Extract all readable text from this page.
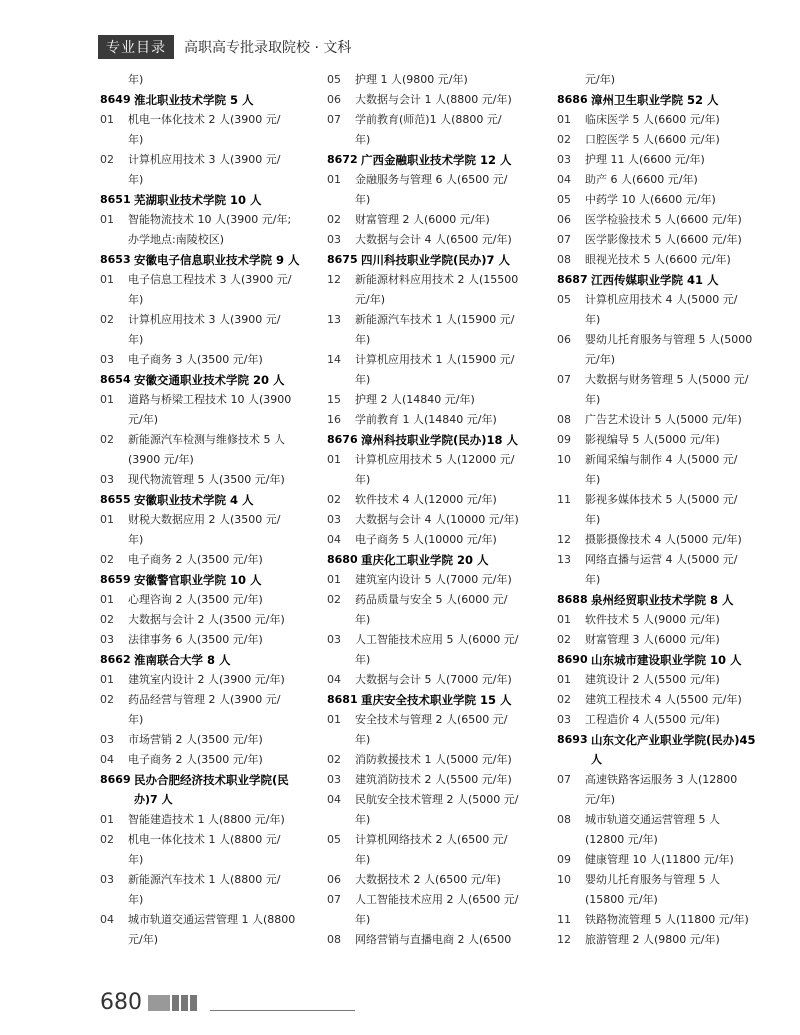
专业目录	高职高专批录取院校 · 文科
年)
8649 淮北职业技术学院 5 人
01	机电一体化技术 2 人(3900 元/
年)
02	计算机应用技术 3 人(3900 元/
年)
8651 芜湖职业技术学院 10 人
01	智能物流技术 10 人(3900 元/年;
办学地点:南陵校区)
8653 安徽电子信息职业技术学院 9 人
01	电子信息工程技术 3 人(3900 元/
年)
02	计算机应用技术 3 人(3900 元/
年)
03	电子商务 3 人(3500 元/年)
8654 安徽交通职业技术学院 20 人
01	道路与桥梁工程技术 10 人(3900
元/年)
02	新能源汽车检测与维修技术 5 人
(3900 元/年)
03	现代物流管理 5 人(3500 元/年)
8655 安徽职业技术学院 4 人
01	财税大数据应用 2 人(3500 元/
年)
02	电子商务 2 人(3500 元/年)
8659 安徽警官职业学院 10 人
01	心理咨询 2 人(3500 元/年)
02	大数据与会计 2 人(3500 元/年)
03	法律事务 6 人(3500 元/年)
8662 淮南联合大学 8 人
01	建筑室内设计 2 人(3900 元/年)
02	药品经营与管理 2 人(3900 元/
年)
03	市场营销 2 人(3500 元/年)
04	电子商务 2 人(3500 元/年)
8669 民办合肥经济技术职业学院(民
办)7 人
01	智能建造技术 1 人(8800 元/年)
02	机电一体化技术 1 人(8800 元/
年)
03	新能源汽车技术 1 人(8800 元/
年)
04	城市轨道交通运营管理 1 人(8800
元/年)
05	护理 1 人(9800 元/年)
06	大数据与会计 1 人(8800 元/年)
07	学前教育(师范)1 人(8800 元/
年)
8672 广西金融职业技术学院 12 人
01	金融服务与管理 6 人(6500 元/
年)
02	财富管理 2 人(6000 元/年)
03	大数据与会计 4 人(6500 元/年)
8675 四川科技职业学院(民办)7 人
12	新能源材料应用技术 2 人(15500
元/年)
13	新能源汽车技术 1 人(15900 元/
年)
14	计算机应用技术 1 人(15900 元/
年)
15	护理 2 人(14840 元/年)
16	学前教育 1 人(14840 元/年)
8676 漳州科技职业学院(民办)18 人
01	计算机应用技术 5 人(12000 元/
年)
02	软件技术 4 人(12000 元/年)
03	大数据与会计 4 人(10000 元/年)
04	电子商务 5 人(10000 元/年)
8680 重庆化工职业学院 20 人
01	建筑室内设计 5 人(7000 元/年)
02	药品质量与安全 5 人(6000 元/
年)
03	人工智能技术应用 5 人(6000 元/
年)
04	大数据与会计 5 人(7000 元/年)
8681 重庆安全技术职业学院 15 人
01	安全技术与管理 2 人(6500 元/
年)
02	消防救援技术 1 人(5000 元/年)
03	建筑消防技术 2 人(5500 元/年)
04	民航安全技术管理 2 人(5000 元/
年)
05	计算机网络技术 2 人(6500 元/
年)
06	大数据技术 2 人(6500 元/年)
07	人工智能技术应用 2 人(6500 元/
年)
08	网络营销与直播电商 2 人(6500
元/年)
8686 漳州卫生职业学院 52 人
01	临床医学 5 人(6600 元/年)
02	口腔医学 5 人(6600 元/年)
03	护理 11 人(6600 元/年)
04	助产 6 人(6600 元/年)
05	中药学 10 人(6600 元/年)
06	医学检验技术 5 人(6600 元/年)
07	医学影像技术 5 人(6600 元/年)
08	眼视光技术 5 人(6600 元/年)
8687 江西传媒职业学院 41 人
05	计算机应用技术 4 人(5000 元/
年)
06	婴幼儿托育服务与管理 5 人(5000
元/年)
07	大数据与财务管理 5 人(5000 元/
年)
08	广告艺术设计 5 人(5000 元/年)
09	影视编导 5 人(5000 元/年)
10	新闻采编与制作 4 人(5000 元/
年)
11	影视多媒体技术 5 人(5000 元/
年)
12	摄影摄像技术 4 人(5000 元/年)
13	网络直播与运营 4 人(5000 元/
年)
8688 泉州经贸职业技术学院 8 人
01	软件技术 5 人(9000 元/年)
02	财富管理 3 人(6000 元/年)
8690 山东城市建设职业学院 10 人
01	建筑设计 2 人(5500 元/年)
02	建筑工程技术 4 人(5500 元/年)
03	工程造价 4 人(5500 元/年)
8693 山东文化产业职业学院(民办)45
人
07	高速铁路客运服务 3 人(12800
元/年)
08	城市轨道交通运营管理 5 人
(12800 元/年)
09	健康管理 10 人(11800 元/年)
10	婴幼儿托育服务与管理 5 人
(15800 元/年)
11	铁路物流管理 5 人(11800 元/年)
12	旅游管理 2 人(9800 元/年)
680
